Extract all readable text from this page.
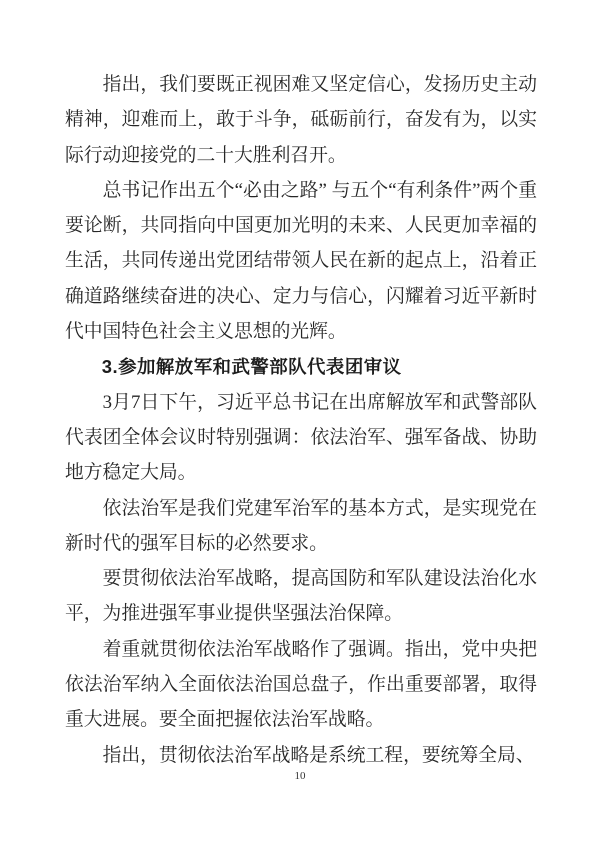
指出，我们要既正视困难又坚定信心，发扬历史主动精神，迎难而上，敢于斗争，砥砺前行，奋发有为，以实际行动迎接党的二十大胜利召开。

总书记作出五个“必由之路” 与五个“有利条件”两个重要论断，共同指向中国更加光明的未来、人民更加幸福的生活，共同传递出党团结带领人民在新的起点上，沿着正确道路继续奋进的决心、定力与信心，闪耀着习近平新时代中国特色社会主义思想的光辉。

3.参加解放军和武警部队代表团审议

3月7日下午，习近平总书记在出席解放军和武警部队代表团全体会议时特别强调：依法治军、强军备战、协助地方稳定大局。

依法治军是我们党建军治军的基本方式，是实现党在新时代的强军目标的必然要求。

要贯彻依法治军战略，提高国防和军队建设法治化水平，为推进强军事业提供坚强法治保障。

着重就贯彻依法治军战略作了强调。指出，党中央把依法治军纳入全面依法治国总盘子，作出重要部署，取得重大进展。要全面把握依法治军战略。

指出，贯彻依法治军战略是系统工程，要统筹全局、

10
